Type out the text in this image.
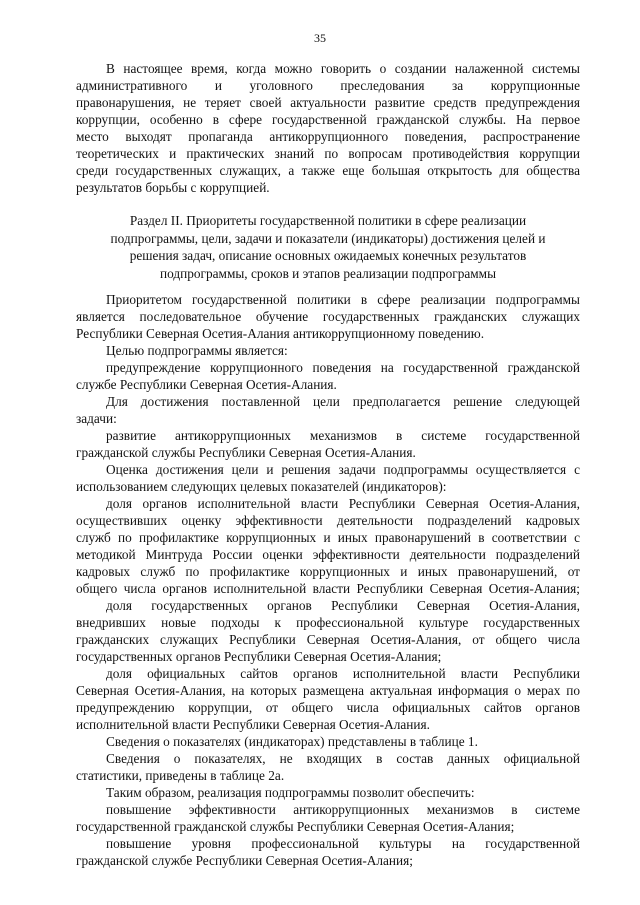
35
В настоящее время, когда можно говорить о создании налаженной системы
административного и уголовного преследования за коррупционные
правонарушения, не теряет своей актуальности развитие средств предупреждения
коррупции, особенно в сфере государственной гражданской службы. На первое
место выходят пропаганда антикоррупционного поведения, распространение
теоретических и практических знаний по вопросам противодействия коррупции
среди государственных служащих, а также еще большая открытость для общества
результатов борьбы с коррупцией.
Раздел II. Приоритеты государственной политики в сфере реализации
подпрограммы, цели, задачи и показатели (индикаторы) достижения целей и
решения задач, описание основных ожидаемых конечных результатов
подпрограммы, сроков и этапов реализации подпрограммы
Приоритетом государственной политики в сфере реализации подпрограммы
является последовательное обучение государственных гражданских служащих
Республики Северная Осетия-Алания антикоррупционному поведению.
Целью подпрограммы является:
предупреждение коррупционного поведения на государственной гражданской
службе Республики Северная Осетия-Алания.
Для достижения поставленной цели предполагается решение следующей
задачи:
развитие антикоррупционных механизмов в системе государственной
гражданской службы Республики Северная Осетия-Алания.
Оценка достижения цели и решения задачи подпрограммы осуществляется с
использованием следующих целевых показателей (индикаторов):
доля органов исполнительной власти Республики Северная Осетия-Алания,
осуществивших оценку эффективности деятельности подразделений кадровых
служб по профилактике коррупционных и иных правонарушений в соответствии с
методикой Минтруда России оценки эффективности деятельности подразделений
кадровых служб по профилактике коррупционных и иных правонарушений, от
общего числа органов исполнительной власти Республики Северная Осетия-Алания;
доля государственных органов Республики Северная Осетия-Алания,
внедривших новые подходы к профессиональной культуре государственных
гражданских служащих Республики Северная Осетия-Алания, от общего числа
государственных органов Республики Северная Осетия-Алания;
доля официальных сайтов органов исполнительной власти Республики
Северная Осетия-Алания, на которых размещена актуальная информация о мерах по
предупреждению коррупции, от общего числа официальных сайтов органов
исполнительной власти Республики Северная Осетия-Алания.
Сведения о показателях (индикаторах) представлены в таблице 1.
Сведения о показателях, не входящих в состав данных официальной
статистики, приведены в таблице 2а.
Таким образом, реализация подпрограммы позволит обеспечить:
повышение эффективности антикоррупционных механизмов в системе
государственной гражданской службы Республики Северная Осетия-Алания;
повышение уровня профессиональной культуры на государственной
гражданской службе Республики Северная Осетия-Алания;
